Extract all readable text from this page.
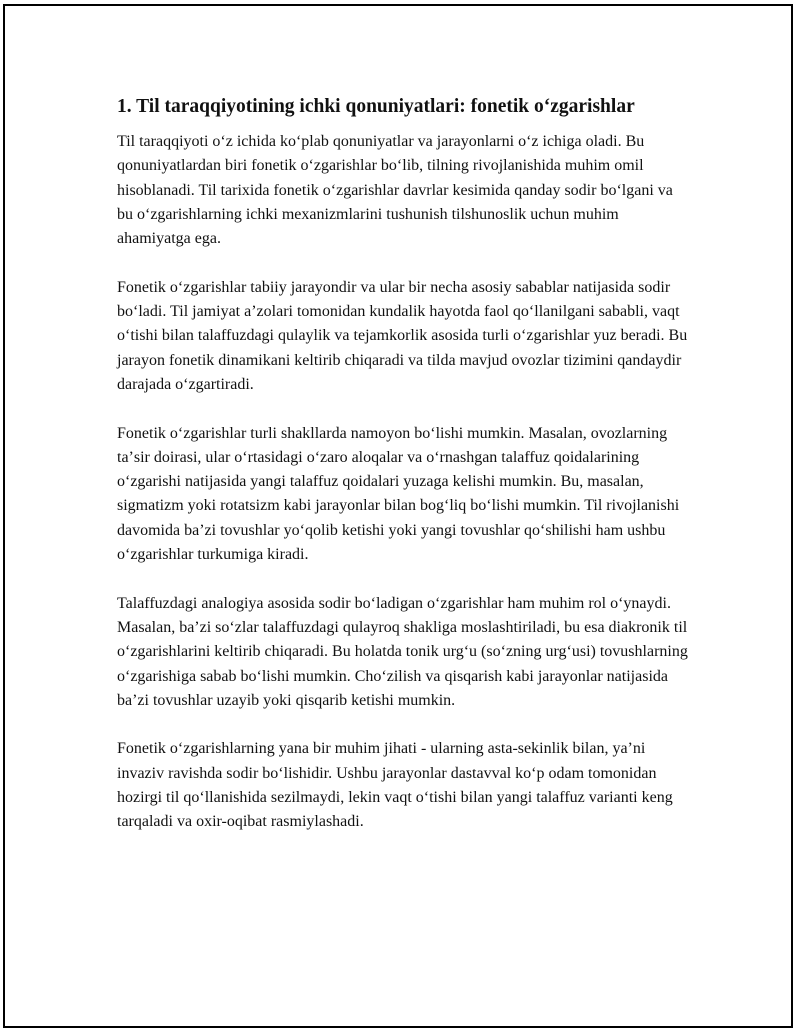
1. Til taraqqiyotining ichki qonuniyatlari: fonetik oʻzgarishlar

Til taraqqiyoti oʻz ichida koʻplab qonuniyatlar va jarayonlarni oʻz ichiga oladi. Bu qonuniyatlardan biri fonetik oʻzgarishlar boʻlib, tilning rivojlanishida muhim omil hisoblanadi. Til tarixida fonetik oʻzgarishlar davrlar kesimida qanday sodir boʻlgani va bu oʻzgarishlarning ichki mexanizmlarini tushunish tilshunoslik uchun muhim ahamiyatga ega.

Fonetik oʻzgarishlar tabiiy jarayondir va ular bir necha asosiy sabablar natijasida sodir boʻladi. Til jamiyat aʼzolari tomonidan kundalik hayotda faol qoʻllanilgani sababli, vaqt oʻtishi bilan talaffuzdagi qulaylik va tejamkorlik asosida turli oʻzgarishlar yuz beradi. Bu jarayon fonetik dinamikani keltirib chiqaradi va tilda mavjud ovozlar tizimini qandaydir darajada oʻzgartiradi.

Fonetik oʻzgarishlar turli shakllarda namoyon boʻlishi mumkin. Masalan, ovozlarning taʼsir doirasi, ular oʻrtasidagi oʻzaro aloqalar va oʻrnashgan talaffuz qoidalarining oʻzgarishi natijasida yangi talaffuz qoidalari yuzaga kelishi mumkin. Bu, masalan, sigmatizm yoki rotatsizm kabi jarayonlar bilan bogʻliq boʻlishi mumkin. Til rivojlanishi davomida baʼzi tovushlar yoʻqolib ketishi yoki yangi tovushlar qoʻshilishi ham ushbu oʻzgarishlar turkumiga kiradi.

Talaffuzdagi analogiya asosida sodir boʻladigan oʻzgarishlar ham muhim rol oʻynaydi. Masalan, baʼzi soʻzlar talaffuzdagi qulayroq shakliga moslashtiriladi, bu esa diakronik til oʻzgarishlarini keltirib chiqaradi. Bu holatda tonik urgʻu (soʻzning urgʻusi) tovushlarning oʻzgarishiga sabab boʻlishi mumkin. Choʻzilish va qisqarish kabi jarayonlar natijasida baʼzi tovushlar uzayib yoki qisqarib ketishi mumkin.

Fonetik oʻzgarishlarning yana bir muhim jihati - ularning asta-sekinlik bilan, yaʼni invaziv ravishda sodir boʻlishidir. Ushbu jarayonlar dastavval koʻp odam tomonidan hozirgi til qoʻllanishida sezilmaydi, lekin vaqt oʻtishi bilan yangi talaffuz varianti keng tarqaladi va oxir-oqibat rasmiylashadi.
